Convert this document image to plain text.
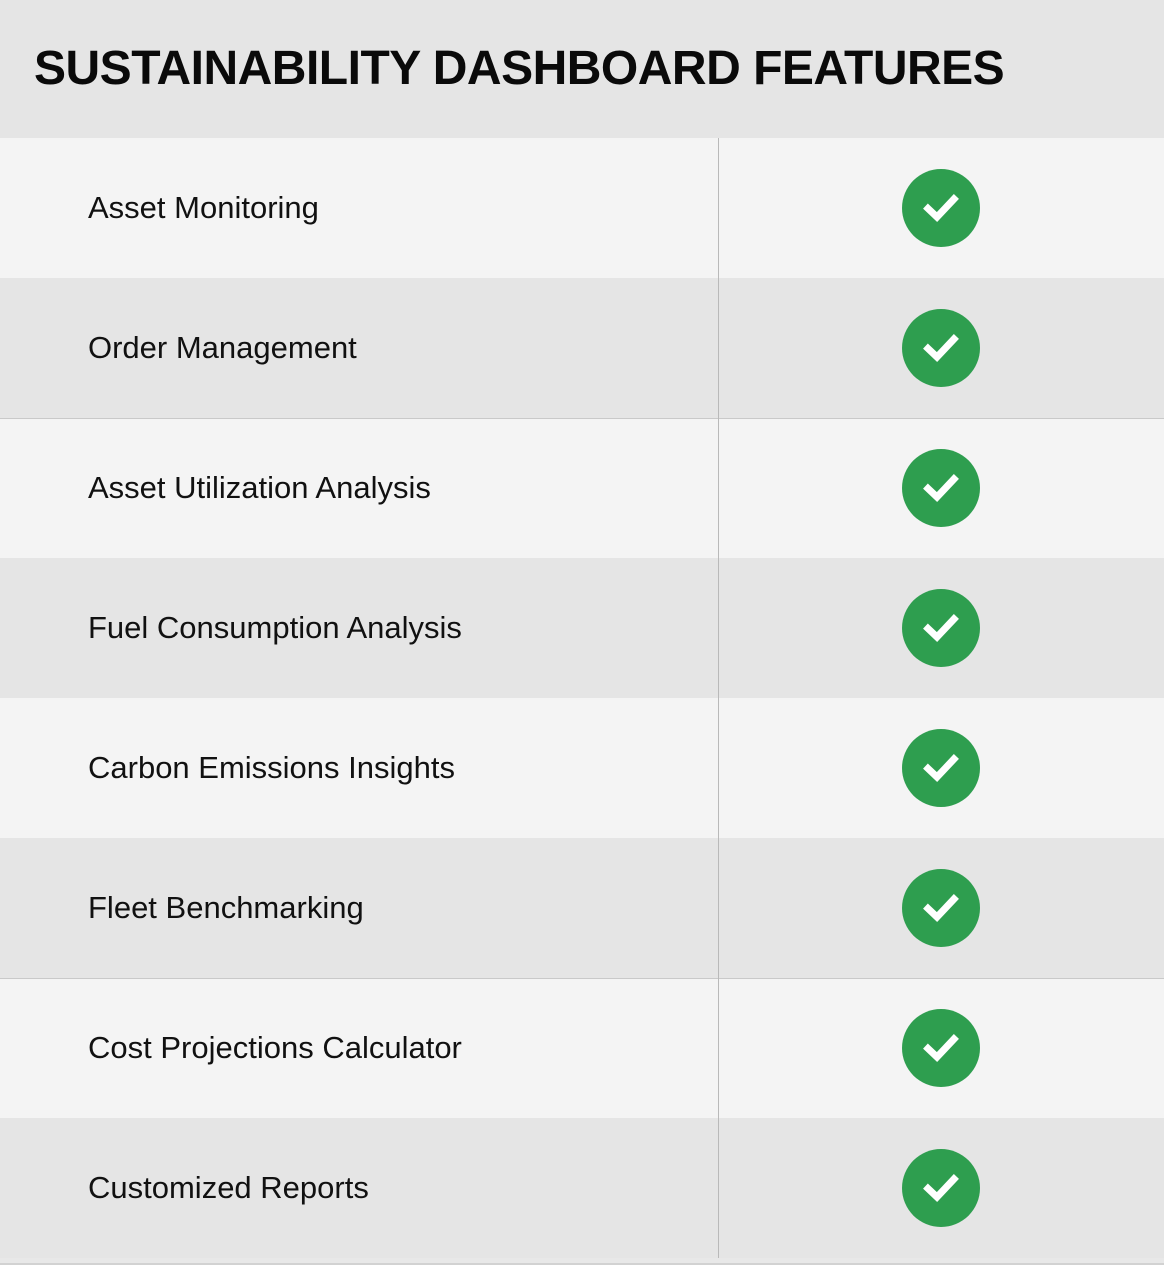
SUSTAINABILITY DASHBOARD FEATURES
Asset Monitoring
Order Management
Asset Utilization Analysis
Fuel Consumption Analysis
Carbon Emissions Insights
Fleet Benchmarking
Cost Projections Calculator
Customized Reports
